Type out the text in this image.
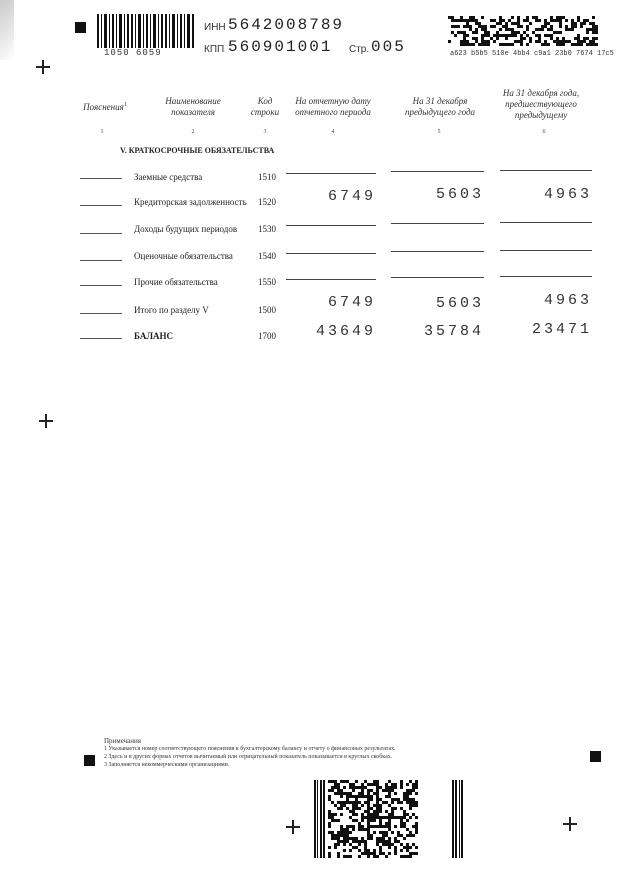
1050 6059
ИНН 5642008789
КПП 560901001 Стр. 005	a623 b5b5 510e 4bb4 c9a1 23b0 7674 17c5
Пояснения$^1$	Наименование показателя
Код строки
На отчетную дату отчетного периода
На 31 декабря предыдущего года
На 31 декабря года, предшествующего предыдущему
1	2	3	4	5	6
V. КРАТКОСРОЧНЫЕ ОБЯЗАТЕЛЬСТВА
Заемные средства	1510
Кредиторская задолженность 1520	6749	5603	4963
Доходы будущих периодов 1530
Оценочные обязательства	1540
Прочие обязательства	1550
Итого по разделу V	1500	6749	5603	4963
БАЛАНС	1700	43649	35784	23471
Примечания
1 Указывается номер соответствующего пояснения к бухгалтерскому балансу и отчету о финансовых результатах.
2 Здесь и в других формах отчетов вычитаемый или отрицательный показатель показывается в круглых скобках.
3 Заполняется некоммерческими организациями.
